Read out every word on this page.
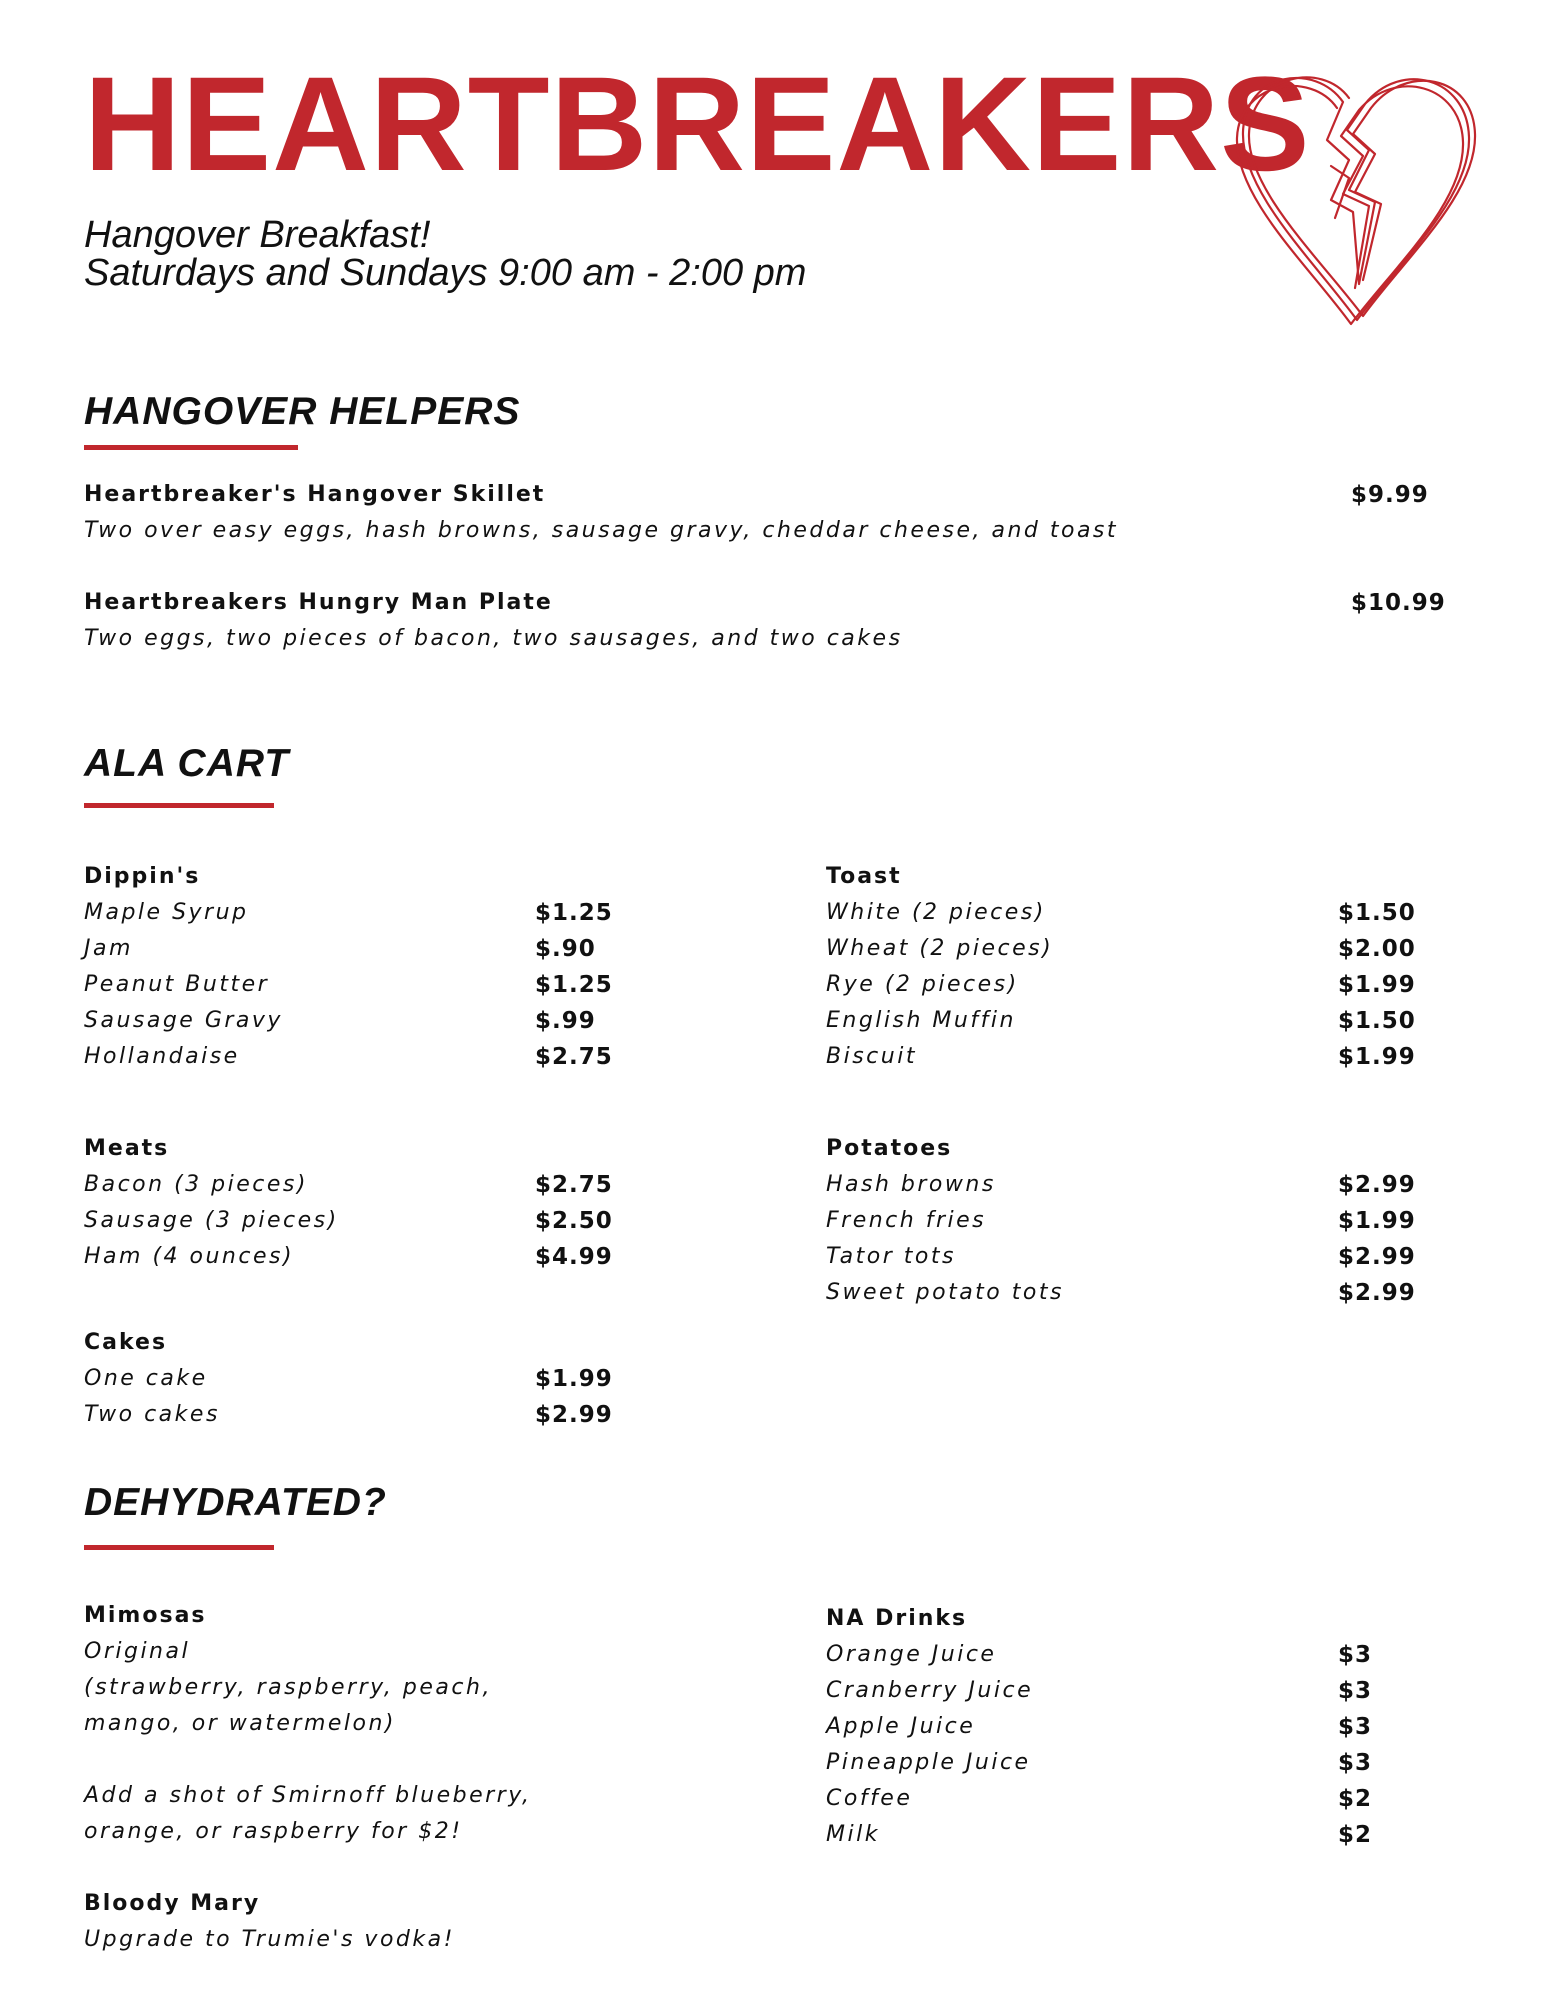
HEARTBREAKERS
Hangover Breakfast!
Saturdays and Sundays 9:00 am - 2:00 pm
HANGOVER HELPERS
Heartbreaker's Hangover Skillet	$9.99
Two over easy eggs, hash browns, sausage gravy, cheddar cheese, and toast
Heartbreakers Hungry Man Plate	$10.99
Two eggs, two pieces of bacon, two sausages, and two cakes
ALA CART
Dippin's
Maple Syrup	$1.25
Jam	$.90
Peanut Butter	$1.25
Sausage Gravy	$.99
Hollandaise	$2.75
Meats
Bacon (3 pieces)	$2.75
Sausage (3 pieces)	$2.50
Ham (4 ounces)	$4.99
Cakes
One cake	$1.99
Two cakes	$2.99
Toast
White (2 pieces)	$1.50
Wheat (2 pieces)	$2.00
Rye (2 pieces)	$1.99
English Muffin	$1.50
Biscuit	$1.99
Potatoes
Hash browns	$2.99
French fries	$1.99
Tator tots	$2.99
Sweet potato tots	$2.99
DEHYDRATED?
Mimosas
Original
(strawberry, raspberry, peach,
mango, or watermelon)
Add a shot of Smirnoff blueberry,
orange, or raspberry for $2!
Bloody Mary
Upgrade to Trumie's vodka!
NA Drinks
Orange Juice	$3
Cranberry Juice	$3
Apple Juice	$3
Pineapple Juice	$3
Coffee	$2
Milk	$2
